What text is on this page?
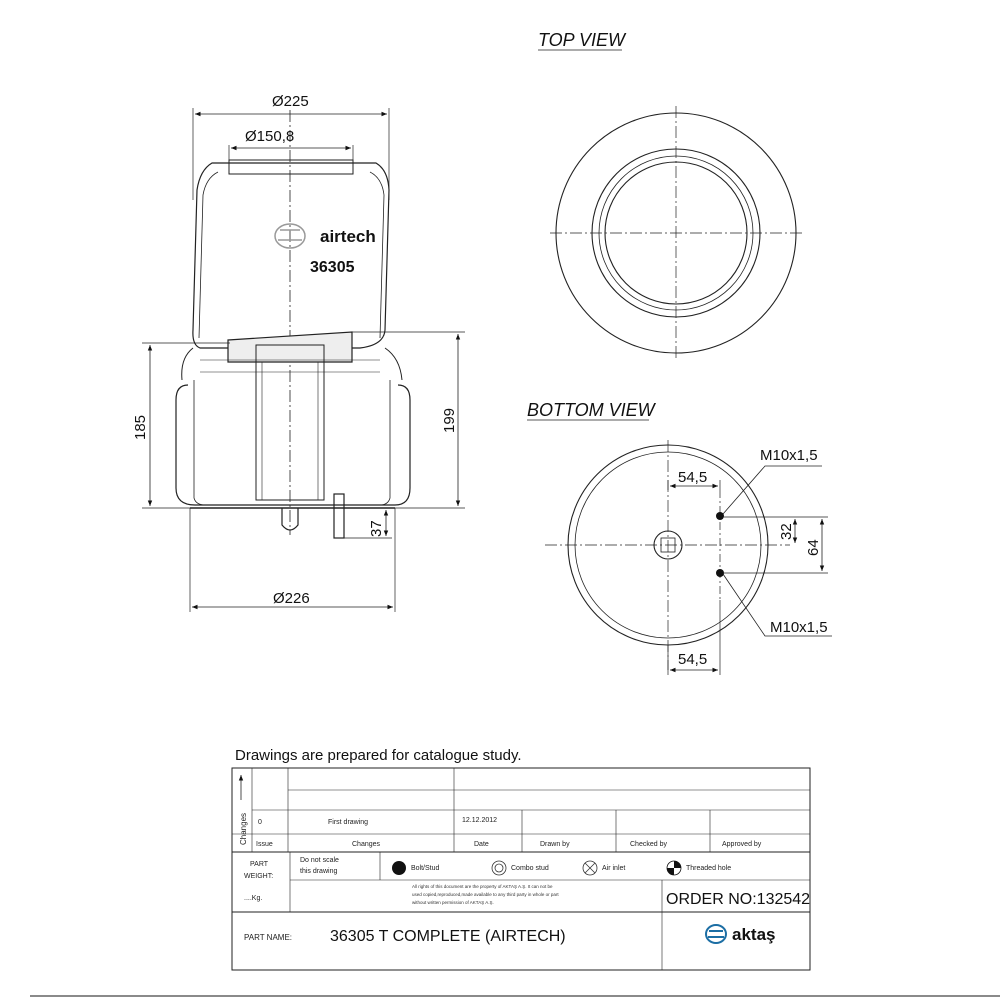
airtech
36305
Ø225
Ø150,8
Ø226
185	199
37
TOP VIEW
BOTTOM VIEW
M10x1,5
M10x1,5
54,5
54,5
32
64
Drawings are prepared for catalogue study.
Changes 0	First drawing	12.12.2012
Issue	Changes	Date	Drawn by	Checked by	Approved by
PART
WEIGHT:
....Kg.
Do not scale
this drawing	Bolt/Stud	Combo stud	Air inlet	Threaded hole
All rights of this document are the property of AKTAŞ A.Ş. It can not be
used copied,reproduced,made available to any third party in whole or part
without written permission of AKTAŞ A.Ş.	ORDER NO:132542
PART NAME: 36305 T COMPLETE (AIRTECH)	aktaş
